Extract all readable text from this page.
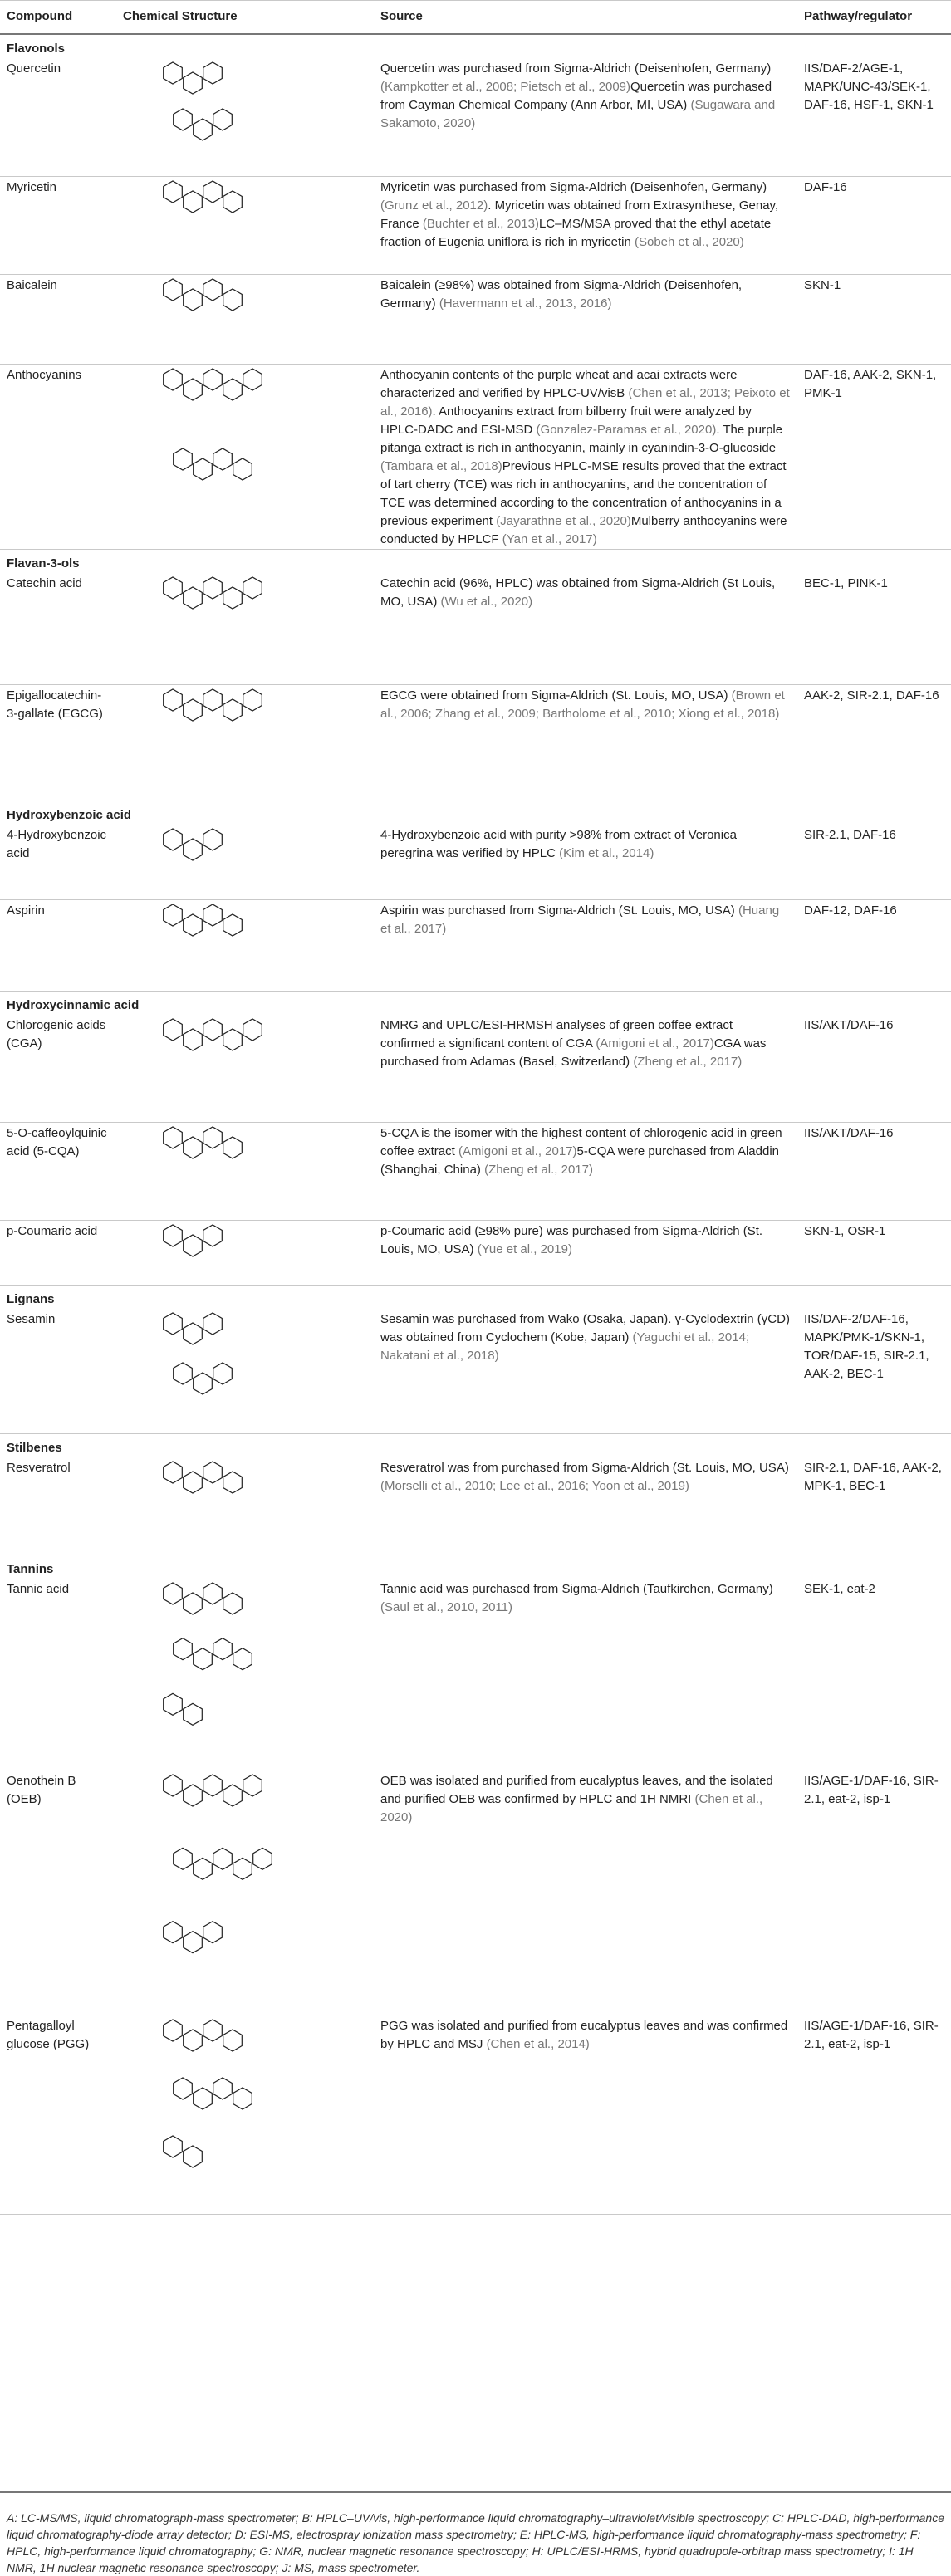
Compound	Chemical Structure	Source	Pathway/regulator
Flavonols			
Quercetin		Quercetin was purchased from Sigma-Aldrich (Deisenhofen, Germany) (Kampkotter et al., 2008; Pietsch et al., 2009)Quercetin was purchased from Cayman Chemical Company (Ann Arbor, MI, USA) (Sugawara and Sakamoto, 2020)	IIS/DAF-2/AGE-1, MAPK/UNC-43/SEK-1, DAF-16, HSF-1, SKN-1
Myricetin		Myricetin was purchased from Sigma-Aldrich (Deisenhofen, Germany) (Grunz et al., 2012). Myricetin was obtained from Extrasynthese, Genay, France (Buchter et al., 2013)LC–MS/MSA proved that the ethyl acetate fraction of Eugenia uniflora is rich in myricetin (Sobeh et al., 2020)	DAF-16
Baicalein		Baicalein (≥98%) was obtained from Sigma-Aldrich (Deisenhofen, Germany) (Havermann et al., 2013, 2016)	SKN-1
Anthocyanins		Anthocyanin contents of the purple wheat and acai extracts were characterized and verified by HPLC-UV/visB (Chen et al., 2013; Peixoto et al., 2016). Anthocyanins extract from bilberry fruit were analyzed by HPLC-DADC and ESI-MSD (Gonzalez-Paramas et al., 2020). The purple pitanga extract is rich in anthocyanin, mainly in cyanindin-3-O-glucoside (Tambara et al., 2018)Previous HPLC-MSE results proved that the extract of tart cherry (TCE) was rich in anthocyanins, and the concentration of TCE was determined according to the concentration of anthocyanins in a previous experiment (Jayarathne et al., 2020)Mulberry anthocyanins were conducted by HPLCF (Yan et al., 2017)	DAF-16, AAK-2, SKN-1, PMK-1
Flavan-3-ols			
Catechin acid		Catechin acid (96%, HPLC) was obtained from Sigma-Aldrich (St Louis, MO, USA) (Wu et al., 2020)	BEC-1, PINK-1
Epigallocatechin-3-gallate (EGCG)		EGCG were obtained from Sigma-Aldrich (St. Louis, MO, USA) (Brown et al., 2006; Zhang et al., 2009; Bartholome et al., 2010; Xiong et al., 2018)	AAK-2, SIR-2.1, DAF-16
Hydroxybenzoic acid			
4-Hydroxybenzoic acid		4-Hydroxybenzoic acid with purity >98% from extract of Veronica peregrina was verified by HPLC (Kim et al., 2014)	SIR-2.1, DAF-16
Aspirin		Aspirin was purchased from Sigma-Aldrich (St. Louis, MO, USA) (Huang et al., 2017)	DAF-12, DAF-16
Hydroxycinnamic acid			
Chlorogenic acids (CGA)		NMRG and UPLC/ESI-HRMSH analyses of green coffee extract confirmed a significant content of CGA (Amigoni et al., 2017)CGA was purchased from Adamas (Basel, Switzerland) (Zheng et al., 2017)	IIS/AKT/DAF-16
5-O-caffeoylquinic acid (5-CQA)		5-CQA is the isomer with the highest content of chlorogenic acid in green coffee extract (Amigoni et al., 2017)5-CQA were purchased from Aladdin (Shanghai, China) (Zheng et al., 2017)	IIS/AKT/DAF-16
p-Coumaric acid		p-Coumaric acid (≥98% pure) was purchased from Sigma-Aldrich (St. Louis, MO, USA) (Yue et al., 2019)	SKN-1, OSR-1
Lignans			
Sesamin		Sesamin was purchased from Wako (Osaka, Japan). γ-Cyclodextrin (γCD) was obtained from Cyclochem (Kobe, Japan) (Yaguchi et al., 2014; Nakatani et al., 2018)	IIS/DAF-2/DAF-16, MAPK/PMK-1/SKN-1, TOR/DAF-15, SIR-2.1, AAK-2, BEC-1
Stilbenes			
Resveratrol		Resveratrol was from purchased from Sigma-Aldrich (St. Louis, MO, USA) (Morselli et al., 2010; Lee et al., 2016; Yoon et al., 2019)	SIR-2.1, DAF-16, AAK-2, MPK-1, BEC-1
Tannins			
Tannic acid		Tannic acid was purchased from Sigma-Aldrich (Taufkirchen, Germany) (Saul et al., 2010, 2011)	SEK-1, eat-2
Oenothein B (OEB)		OEB was isolated and purified from eucalyptus leaves, and the isolated and purified OEB was confirmed by HPLC and 1H NMRI (Chen et al., 2020)	IIS/AGE-1/DAF-16, SIR-2.1, eat-2, isp-1
Pentagalloyl glucose (PGG)		PGG was isolated and purified from eucalyptus leaves and was confirmed by HPLC and MSJ (Chen et al., 2014)	IIS/AGE-1/DAF-16, SIR-2.1, eat-2, isp-1
A: LC-MS/MS, liquid chromatograph-mass spectrometer; B: HPLC–UV/vis, high-performance liquid chromatography–ultraviolet/visible spectroscopy; C: HPLC-DAD, high-performance liquid chromatography-diode array detector; D: ESI-MS, electrospray ionization mass spectrometry; E: HPLC-MS, high-performance liquid chromatography-mass spectrometry; F: HPLC, high-performance liquid chromatography; G: NMR, nuclear magnetic resonance spectroscopy; H: UPLC/ESI-HRMS, hybrid quadrupole-orbitrap mass spectrometry; I: 1H NMR, 1H nuclear magnetic resonance spectroscopy; J: MS, mass spectrometer.
